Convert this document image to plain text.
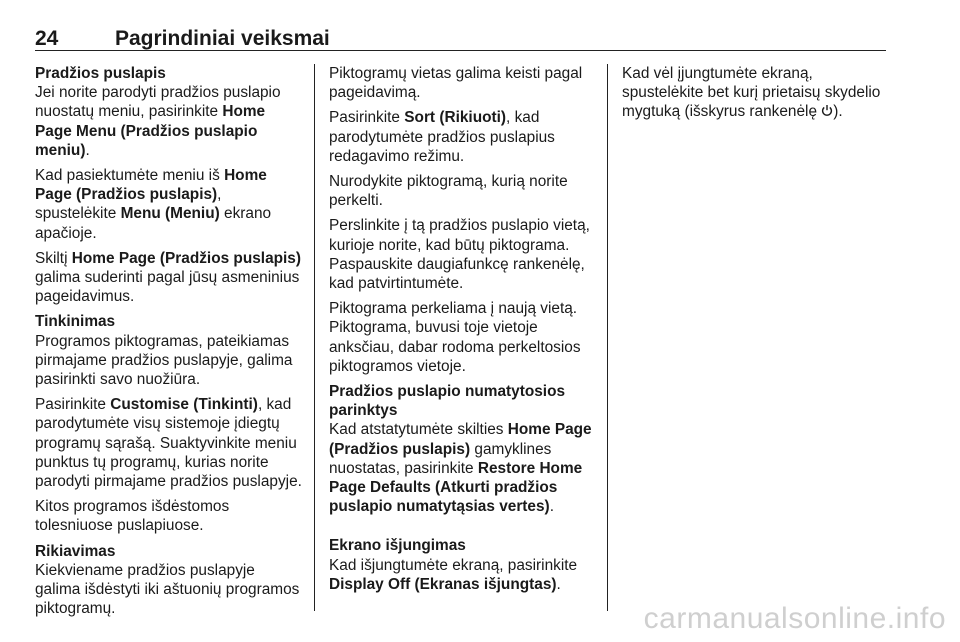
24	Pagrindiniai veiksmai
Pradžios puslapis

Jei norite parodyti pradžios puslapio nuostatų meniu, pasirinkite Home Page Menu (Pradžios puslapio meniu).

Kad pasiektumėte meniu iš Home Page (Pradžios puslapis), spustelėkite Menu (Meniu) ekrano apačioje.

Skiltį Home Page (Pradžios puslapis) galima suderinti pagal jūsų asmeninius pageidavimus.

Tinkinimas

Programos piktogramas, pateikiamas pirmajame pradžios puslapyje, galima pasirinkti savo nuožiūra.

Pasirinkite Customise (Tinkinti), kad parodytumėte visų sistemoje įdiegtų programų sąrašą. Suaktyvinkite meniu punktus tų programų, kurias norite parodyti pirmajame pradžios puslapyje.

Kitos programos išdėstomos tolesniuose puslapiuose.

Rikiavimas

Kiekviename pradžios puslapyje galima išdėstyti iki aštuonių programos piktogramų.

Piktogramų vietas galima keisti pagal pageidavimą.

Pasirinkite Sort (Rikiuoti), kad parodytumėte pradžios puslapius redagavimo režimu.

Nurodykite piktogramą, kurią norite perkelti.

Perslinkite į tą pradžios puslapio vietą, kurioje norite, kad būtų piktograma. Paspauskite daugiafunkcę rankenėlę, kad patvirtintumėte.

Piktograma perkeliama į naują vietą. Piktograma, buvusi toje vietoje anksčiau, dabar rodoma perkeltosios piktogramos vietoje.

Pradžios puslapio numatytosios parinktys

Kad atstatytumėte skilties Home Page (Pradžios puslapis) gamyklines nuostatas, pasirinkite Restore Home Page Defaults (Atkurti pradžios puslapio numatytąsias vertes).

Ekrano išjungimas

Kad išjungtumėte ekraną, pasirinkite Display Off (Ekranas išjungtas).

Kad vėl įjungtumėte ekraną, spustelėkite bet kurį prietaisų skydelio mygtuką (išskyrus rankenėlę ).

carmanualsonline.info
